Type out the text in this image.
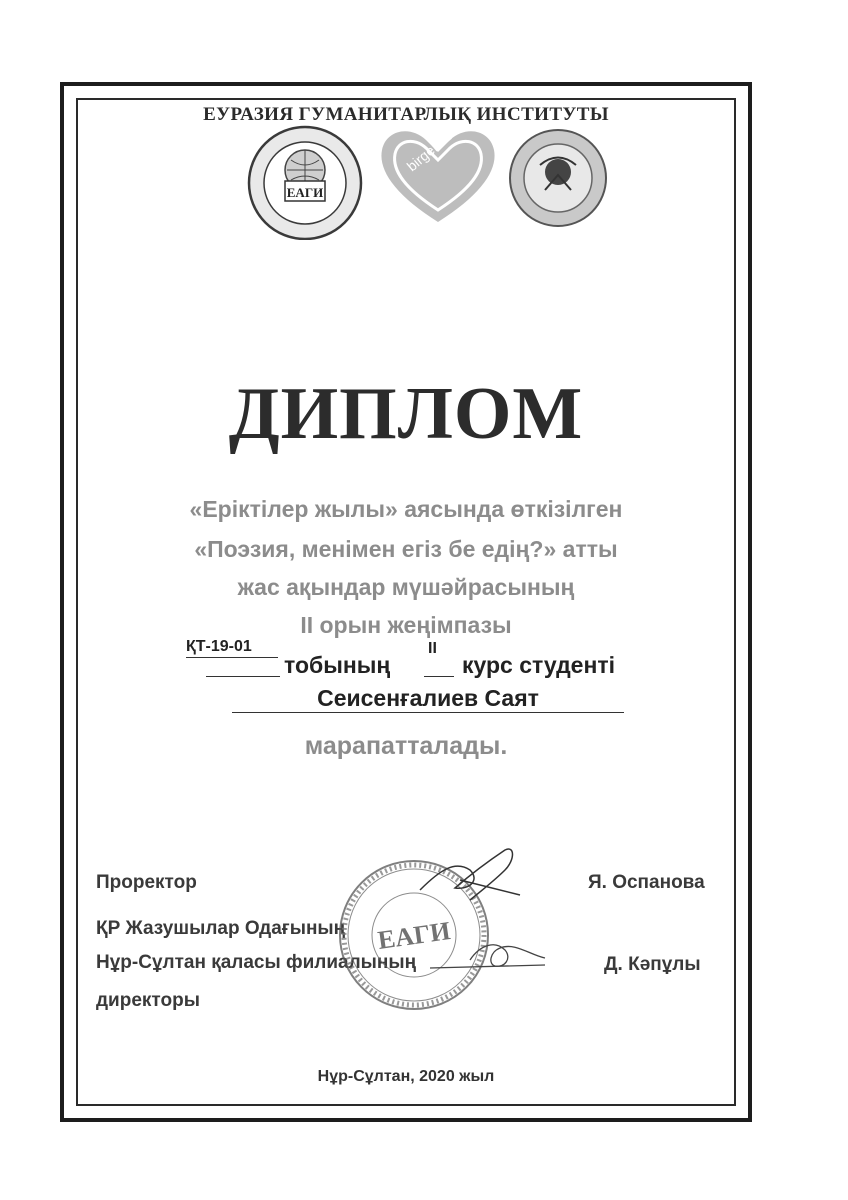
ЕУРАЗИЯ ГУМАНИТАРЛЫҚ ИНСТИТУТЫ
ЕАГИ
birgemiz
ДИПЛОМ
«Еріктілер жылы» аясында өткізілген
«Поэзия, менімен егіз бе едің?» атты
жас ақындар мүшәйрасының
II орын жеңімпазы
ҚТ-19-01
тобының
II
курс студенті
Сеисенғалиев Саят
марапатталады.
Проректор	Я. Оспанова
ҚР Жазушылар Одағының
Нұр-Сұлтан қаласы филиалының	Д. Кәпұлы
директоры
ЕАГИ
Нұр-Сұлтан, 2020 жыл
